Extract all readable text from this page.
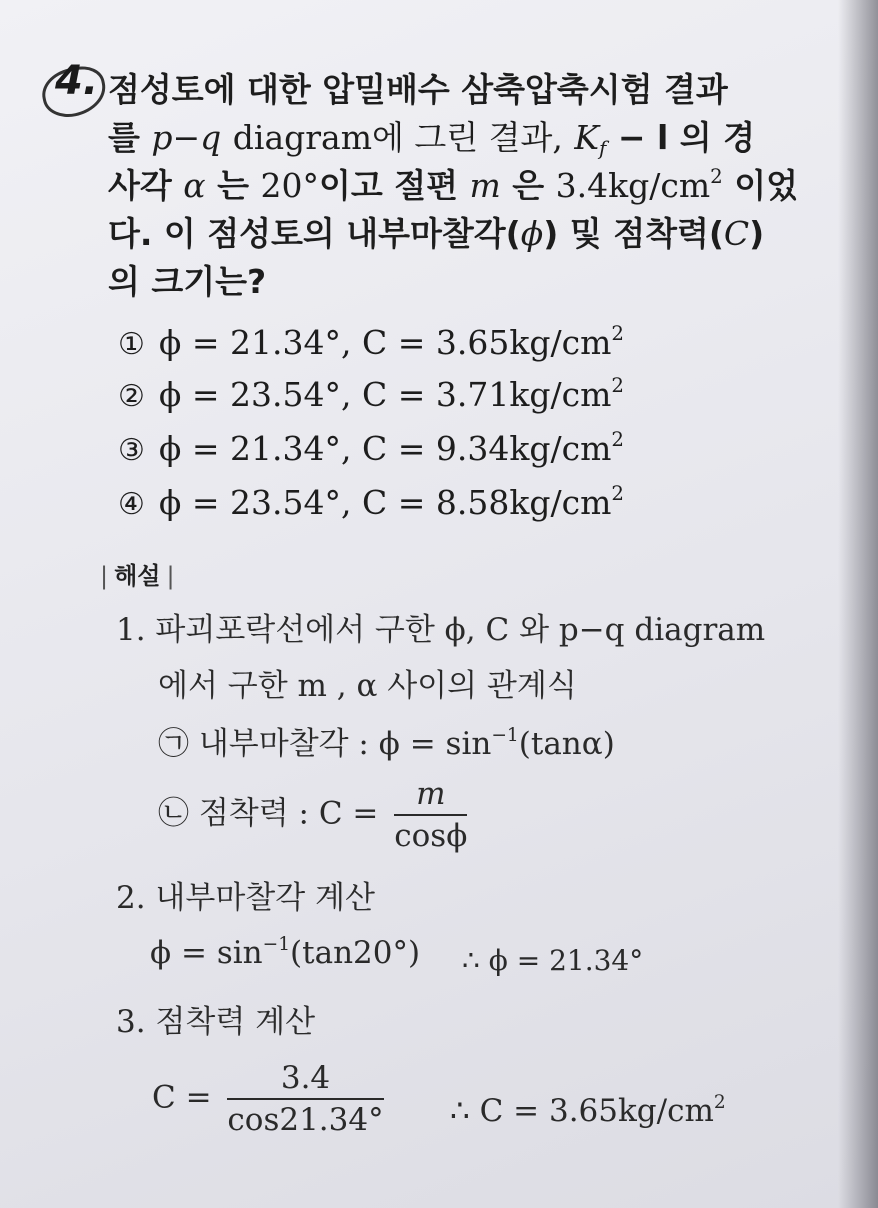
4. 점성토에 대한 압밀배수 삼축압축시험 결과
를 p−q diagram에 그린 결과, $K_f - l$ 의 경
사각 α 는 20°이고 절편 m 은 $3.4kg/cm^2$ 이었
다. 이 점성토의 내부마찰각(ϕ) 및 점착력(C)
의 크기는?
① ϕ = 21.34°, $C = 3.65kg/cm^2$
② ϕ = 23.54°, $C = 3.71kg/cm^2$
③ ϕ = 21.34°, $C = 9.34kg/cm^2$
④ ϕ = 23.54°, $C = 8.58kg/cm^2$
| 해설 |
1. 파괴포락선에서 구한 ϕ, C 와 p−q diagram
에서 구한 m , α 사이의 관계식
㉠ 내부마찰각 : $\phi = \sin^{-1}(\tan\alpha)$
㉡ 점착력 : $C = \frac{m}{\cos\phi}$
2. 내부마찰각 계산
$\phi = \sin^{-1}(\tan 20^\circ)$ ∴ ϕ = 21.34°
3. 점착력 계산
$C = \frac{3.4}{\cos 21.34^\circ}$ ∴ $C = 3.65kg/cm^2$
